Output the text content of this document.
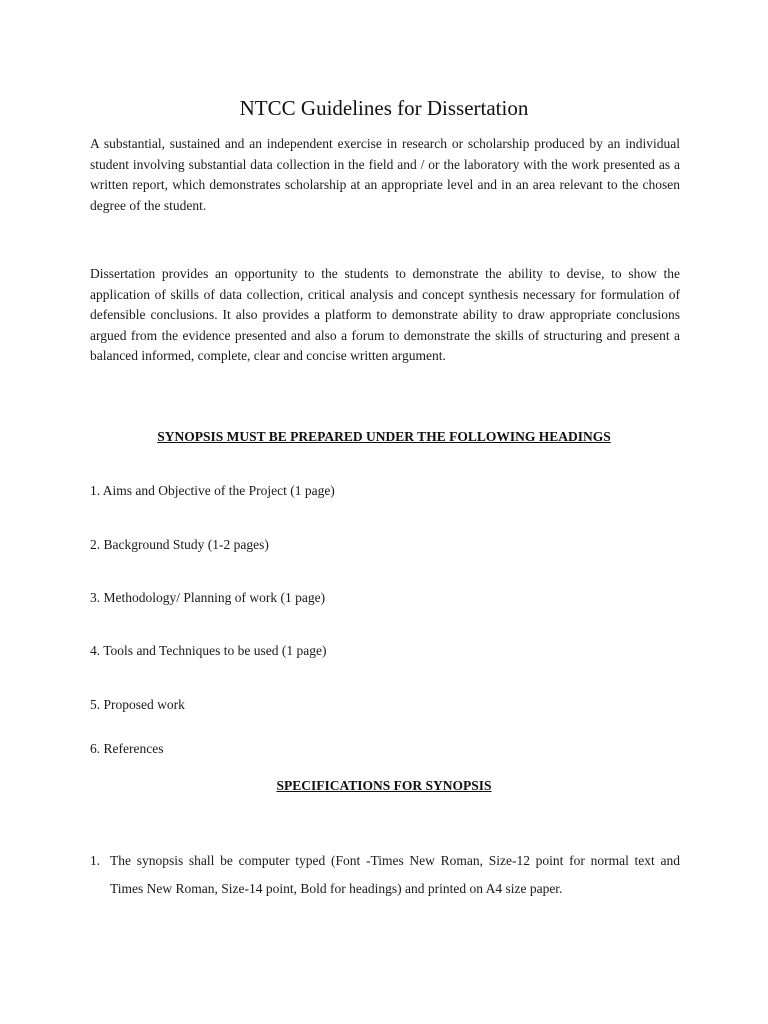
NTCC Guidelines for Dissertation

A substantial, sustained and an independent exercise in research or scholarship produced by an individual student involving substantial data collection in the field and / or the laboratory with the work presented as a written report, which demonstrates scholarship at an appropriate level and in an area relevant to the chosen degree of the student.

Dissertation provides an opportunity to the students to demonstrate the ability to devise, to show the application of skills of data collection, critical analysis and concept synthesis necessary for formulation of defensible conclusions. It also provides a platform to demonstrate ability to draw appropriate conclusions argued from the evidence presented and also a forum to demonstrate the skills of structuring and present a balanced informed, complete, clear and concise written argument.

SYNOPSIS MUST BE PREPARED UNDER THE FOLLOWING HEADINGS
1. Aims and Objective of the Project (1 page)
2. Background Study (1-2 pages)
3. Methodology/ Planning of work (1 page)
4. Tools and Techniques to be used (1 page)
5. Proposed work
6. References
SPECIFICATIONS FOR SYNOPSIS
1. The synopsis shall be computer typed (Font -Times New Roman, Size-12 point for normal text and Times New Roman, Size-14 point, Bold for headings) and printed on A4 size paper.
